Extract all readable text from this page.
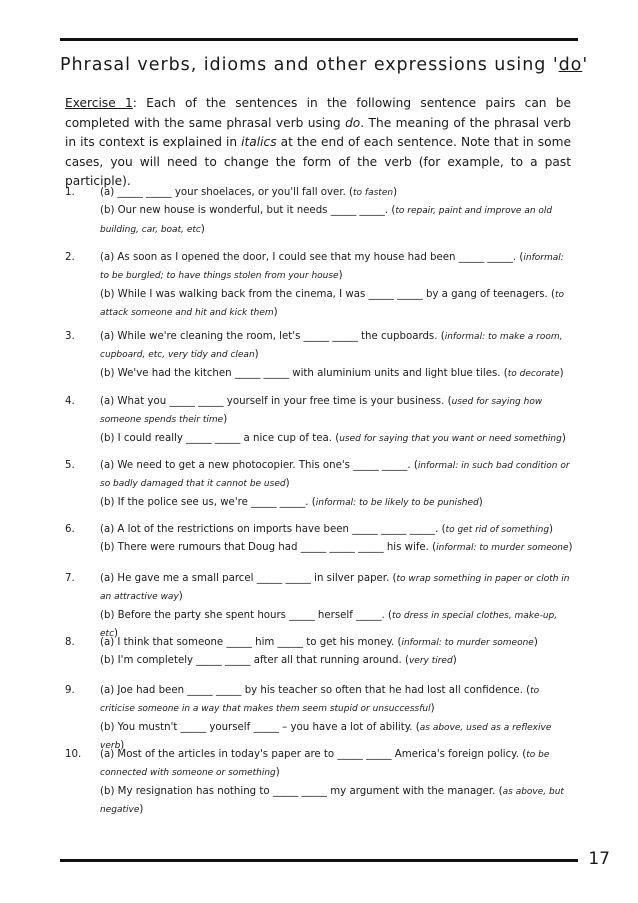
Phrasal verbs, idioms and other expressions using 'do'
Exercise 1: Each of the sentences in the following sentence pairs can be completed with the same phrasal verb using do. The meaning of the phrasal verb in its context is explained in italics at the end of each sentence. Note that in some cases, you will need to change the form of the verb (for example, to a past participle).
1. (a) _____ _____ your shoelaces, or you'll fall over. (to fasten)

(b) Our new house is wonderful, but it needs _____ _____. (to repair, paint and improve an old building, car, boat, etc)

2. (a) As soon as I opened the door, I could see that my house had been _____ _____. (informal: to be burgled; to have things stolen from your house)

(b) While I was walking back from the cinema, I was _____ _____ by a gang of teenagers. (to attack someone and hit and kick them)

3. (a) While we're cleaning the room, let's _____ _____ the cupboards. (informal: to make a room, cupboard, etc, very tidy and clean)

(b) We've had the kitchen _____ _____ with aluminium units and light blue tiles. (to decorate)

4. (a) What you _____ _____ yourself in your free time is your business. (used for saying how someone spends their time)

(b) I could really _____ _____ a nice cup of tea. (used for saying that you want or need something)

5. (a) We need to get a new photocopier. This one's _____ _____. (informal: in such bad condition or so badly damaged that it cannot be used)

(b) If the police see us, we're _____ _____. (informal: to be likely to be punished)

6. (a) A lot of the restrictions on imports have been _____ _____ _____. (to get rid of something)

(b) There were rumours that Doug had _____ _____ _____ his wife. (informal: to murder someone)

7. (a) He gave me a small parcel _____ _____ in silver paper. (to wrap something in paper or cloth in an attractive way)

(b) Before the party she spent hours _____ herself _____. (to dress in special clothes, make-up, etc)

8. (a) I think that someone _____ him _____ to get his money. (informal: to murder someone)

(b) I'm completely _____ _____ after all that running around. (very tired)

9. (a) Joe had been _____ _____ by his teacher so often that he had lost all confidence. (to criticise someone in a way that makes them seem stupid or unsuccessful)

(b) You mustn't _____ yourself _____ – you have a lot of ability. (as above, used as a reflexive verb)

10. (a) Most of the articles in today's paper are to _____ _____ America's foreign policy. (to be connected with someone or something)

(b) My resignation has nothing to _____ _____ my argument with the manager. (as above, but negative)

17
